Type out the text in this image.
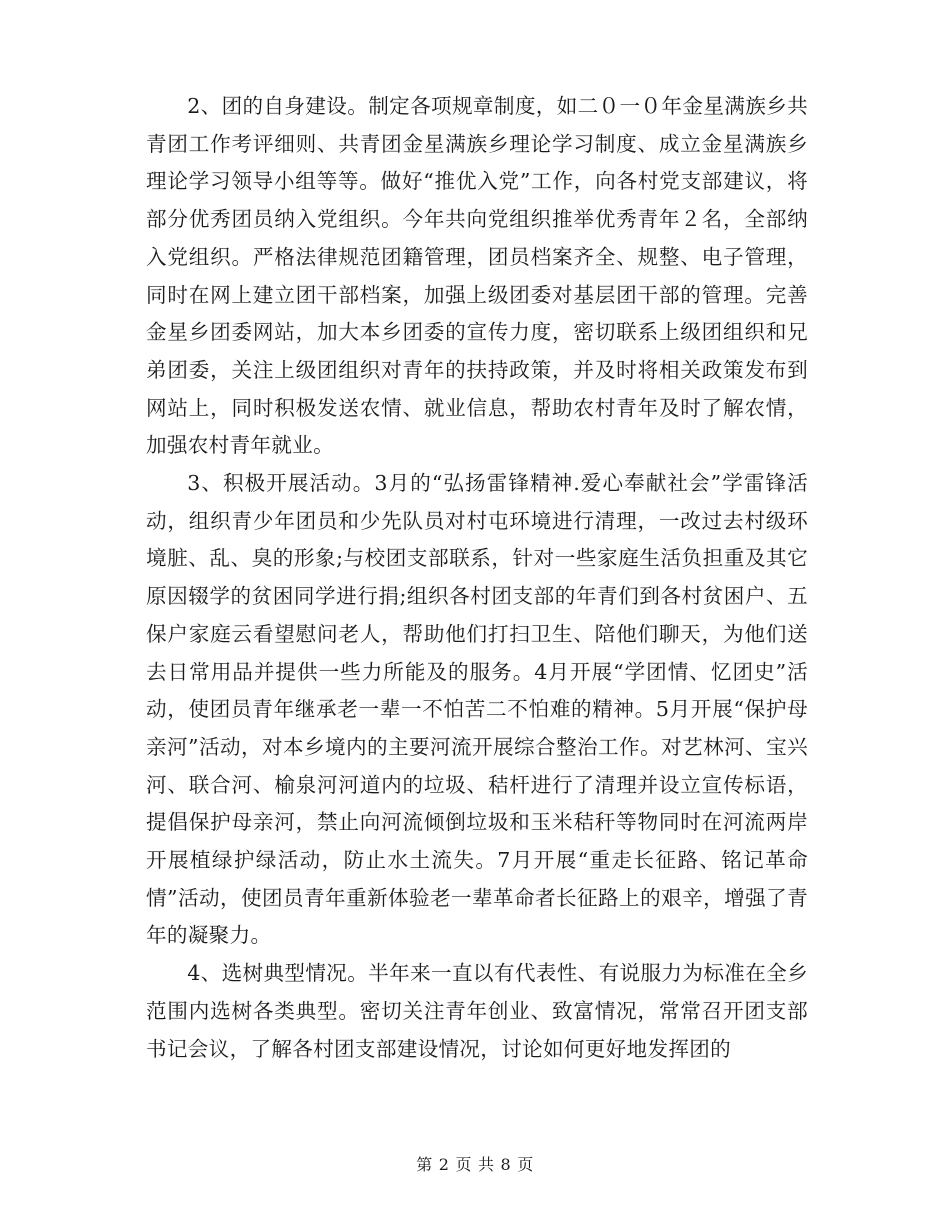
2、团的自身建设。制定各项规章制度，如二０一０年金星满族乡共青团工作考评细则、共青团金星满族乡理论学习制度、成立金星满族乡理论学习领导小组等等。做好“推优入党”工作，向各村党支部建议，将部分优秀团员纳入党组织。今年共向党组织推举优秀青年２名，全部纳入党组织。严格法律规范团籍管理，团员档案齐全、规整、电子管理，同时在网上建立团干部档案，加强上级团委对基层团干部的管理。完善金星乡团委网站，加大本乡团委的宣传力度，密切联系上级团组织和兄弟团委，关注上级团组织对青年的扶持政策，并及时将相关政策发布到网站上，同时积极发送农情、就业信息，帮助农村青年及时了解农情，加强农村青年就业。

3、积极开展活动。3月的“弘扬雷锋精神.爱心奉献社会”学雷锋活动，组织青少年团员和少先队员对村屯环境进行清理，一改过去村级环境脏、乱、臭的形象;与校团支部联系，针对一些家庭生活负担重及其它原因辍学的贫困同学进行捐;组织各村团支部的年青们到各村贫困户、五保户家庭云看望慰问老人，帮助他们打扫卫生、陪他们聊天，为他们送去日常用品并提供一些力所能及的服务。4月开展“学团情、忆团史”活动，使团员青年继承老一辈一不怕苦二不怕难的精神。5月开展“保护母亲河”活动，对本乡境内的主要河流开展综合整治工作。对艺林河、宝兴河、联合河、榆泉河河道内的垃圾、秸杆进行了清理并设立宣传标语，提倡保护母亲河，禁止向河流倾倒垃圾和玉米秸秆等物同时在河流两岸开展植绿护绿活动，防止水土流失。7月开展“重走长征路、铭记革命情”活动，使团员青年重新体验老一辈革命者长征路上的艰辛，增强了青年的凝聚力。

4、选树典型情况。半年来一直以有代表性、有说服力为标准在全乡范围内选树各类典型。密切关注青年创业、致富情况，常常召开团支部书记会议，了解各村团支部建设情况，讨论如何更好地发挥团的

第 2 页 共 8 页
